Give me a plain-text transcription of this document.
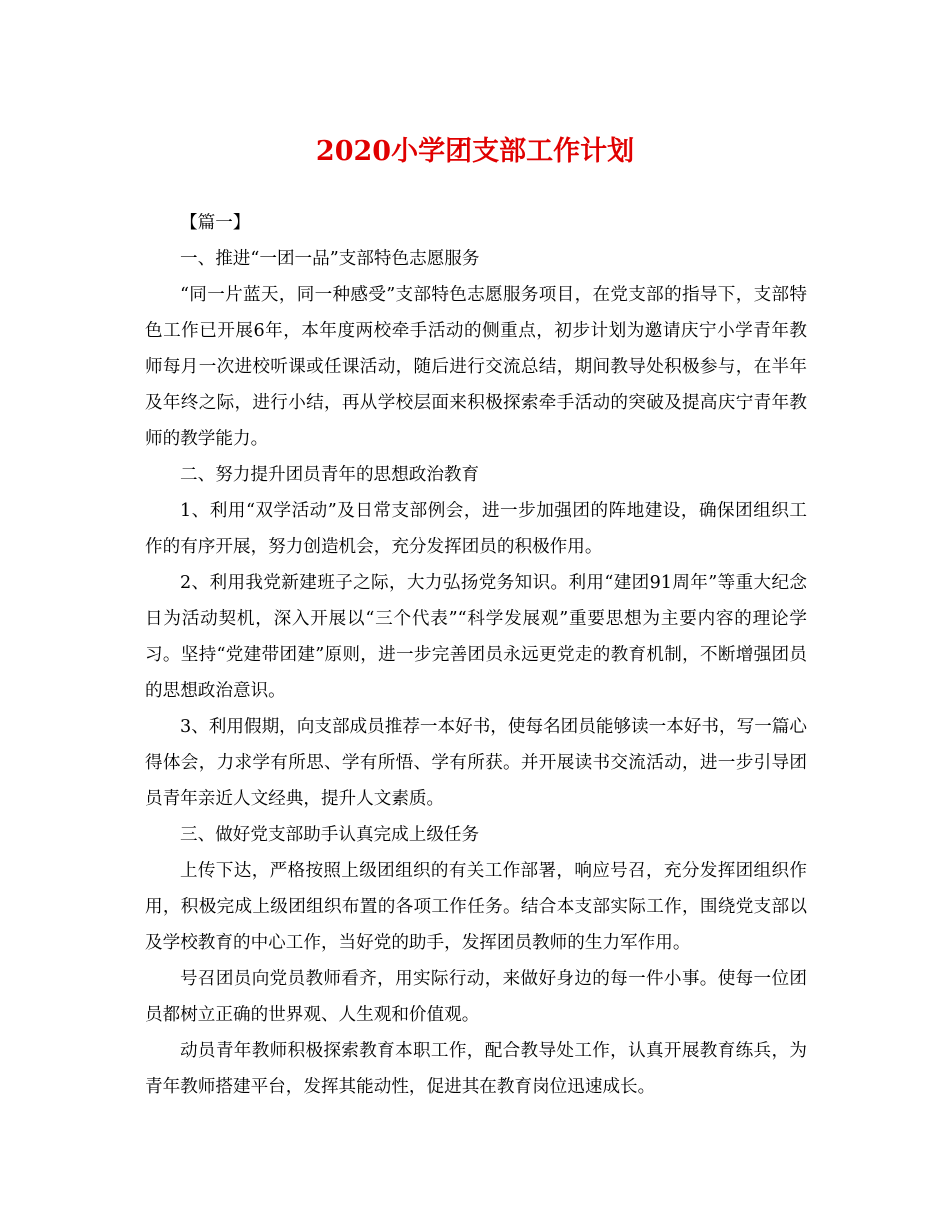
2020小学团支部工作计划

【篇一】

一、推进“一团一品”支部特色志愿服务

“同一片蓝天，同一种感受”支部特色志愿服务项目，在党支部的指导下，支部特色工作已开展6年，本年度两校牵手活动的侧重点，初步计划为邀请庆宁小学青年教师每月一次进校听课或任课活动，随后进行交流总结，期间教导处积极参与，在半年及年终之际，进行小结，再从学校层面来积极探索牵手活动的突破及提高庆宁青年教师的教学能力。

二、努力提升团员青年的思想政治教育

1、利用“双学活动”及日常支部例会，进一步加强团的阵地建设，确保团组织工作的有序开展，努力创造机会，充分发挥团员的积极作用。

2、利用我党新建班子之际，大力弘扬党务知识。利用“建团91周年”等重大纪念日为活动契机，深入开展以“三个代表”“科学发展观”重要思想为主要内容的理论学习。坚持“党建带团建”原则，进一步完善团员永远更党走的教育机制，不断增强团员的思想政治意识。

3、利用假期，向支部成员推荐一本好书，使每名团员能够读一本好书，写一篇心得体会，力求学有所思、学有所悟、学有所获。并开展读书交流活动，进一步引导团员青年亲近人文经典，提升人文素质。

三、做好党支部助手认真完成上级任务

上传下达，严格按照上级团组织的有关工作部署，响应号召，充分发挥团组织作用，积极完成上级团组织布置的各项工作任务。结合本支部实际工作，围绕党支部以及学校教育的中心工作，当好党的助手，发挥团员教师的生力军作用。

号召团员向党员教师看齐，用实际行动，来做好身边的每一件小事。使每一位团员都树立正确的世界观、人生观和价值观。

动员青年教师积极探索教育本职工作，配合教导处工作，认真开展教育练兵，为青年教师搭建平台，发挥其能动性，促进其在教育岗位迅速成长。
